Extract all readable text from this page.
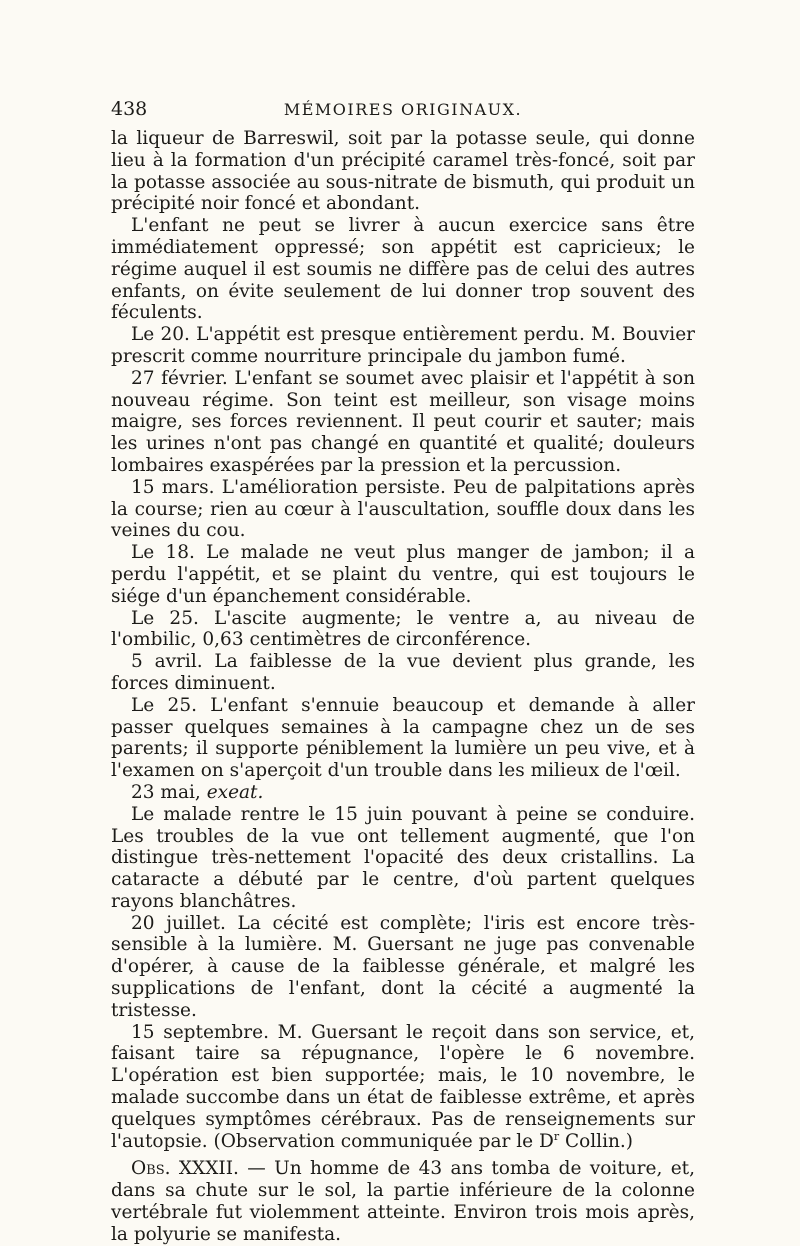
438	MÉMOIRES ORIGINAUX.

la liqueur de Barreswil, soit par la potasse seule, qui donne lieu à la formation d'un précipité caramel très-foncé, soit par la potasse associée au sous-nitrate de bismuth, qui produit un précipité noir foncé et abondant.

L'enfant ne peut se livrer à aucun exercice sans être immédiatement oppressé; son appétit est capricieux; le régime auquel il est soumis ne diffère pas de celui des autres enfants, on évite seulement de lui donner trop souvent des féculents.

Le 20. L'appétit est presque entièrement perdu. M. Bouvier prescrit comme nourriture principale du jambon fumé.

27 février. L'enfant se soumet avec plaisir et l'appétit à son nouveau régime. Son teint est meilleur, son visage moins maigre, ses forces reviennent. Il peut courir et sauter; mais les urines n'ont pas changé en quantité et qualité; douleurs lombaires exaspérées par la pression et la percussion.

15 mars. L'amélioration persiste. Peu de palpitations après la course; rien au cœur à l'auscultation, souffle doux dans les veines du cou.

Le 18. Le malade ne veut plus manger de jambon; il a perdu l'appétit, et se plaint du ventre, qui est toujours le siége d'un épanchement considérable.

Le 25. L'ascite augmente; le ventre a, au niveau de l'ombilic, 0,63 centimètres de circonférence.

5 avril. La faiblesse de la vue devient plus grande, les forces diminuent.

Le 25. L'enfant s'ennuie beaucoup et demande à aller passer quelques semaines à la campagne chez un de ses parents; il supporte péniblement la lumière un peu vive, et à l'examen on s'aperçoit d'un trouble dans les milieux de l'œil.

23 mai, exeat.

Le malade rentre le 15 juin pouvant à peine se conduire. Les troubles de la vue ont tellement augmenté, que l'on distingue très-nettement l'opacité des deux cristallins. La cataracte a débuté par le centre, d'où partent quelques rayons blanchâtres.

20 juillet. La cécité est complète; l'iris est encore très-sensible à la lumière. M. Guersant ne juge pas convenable d'opérer, à cause de la faiblesse générale, et malgré les supplications de l'enfant, dont la cécité a augmenté la tristesse.

15 septembre. M. Guersant le reçoit dans son service, et, faisant taire sa répugnance, l'opère le 6 novembre. L'opération est bien supportée; mais, le 10 novembre, le malade succombe dans un état de faiblesse extrême, et après quelques symptômes cérébraux. Pas de renseignements sur l'autopsie. (Observation communiquée par le $D^r$ Collin.)

Obs. XXXII. — Un homme de 43 ans tomba de voiture, et, dans sa chute sur le sol, la partie inférieure de la colonne vertébrale fut violemment atteinte. Environ trois mois après, la polyurie se manifesta.
